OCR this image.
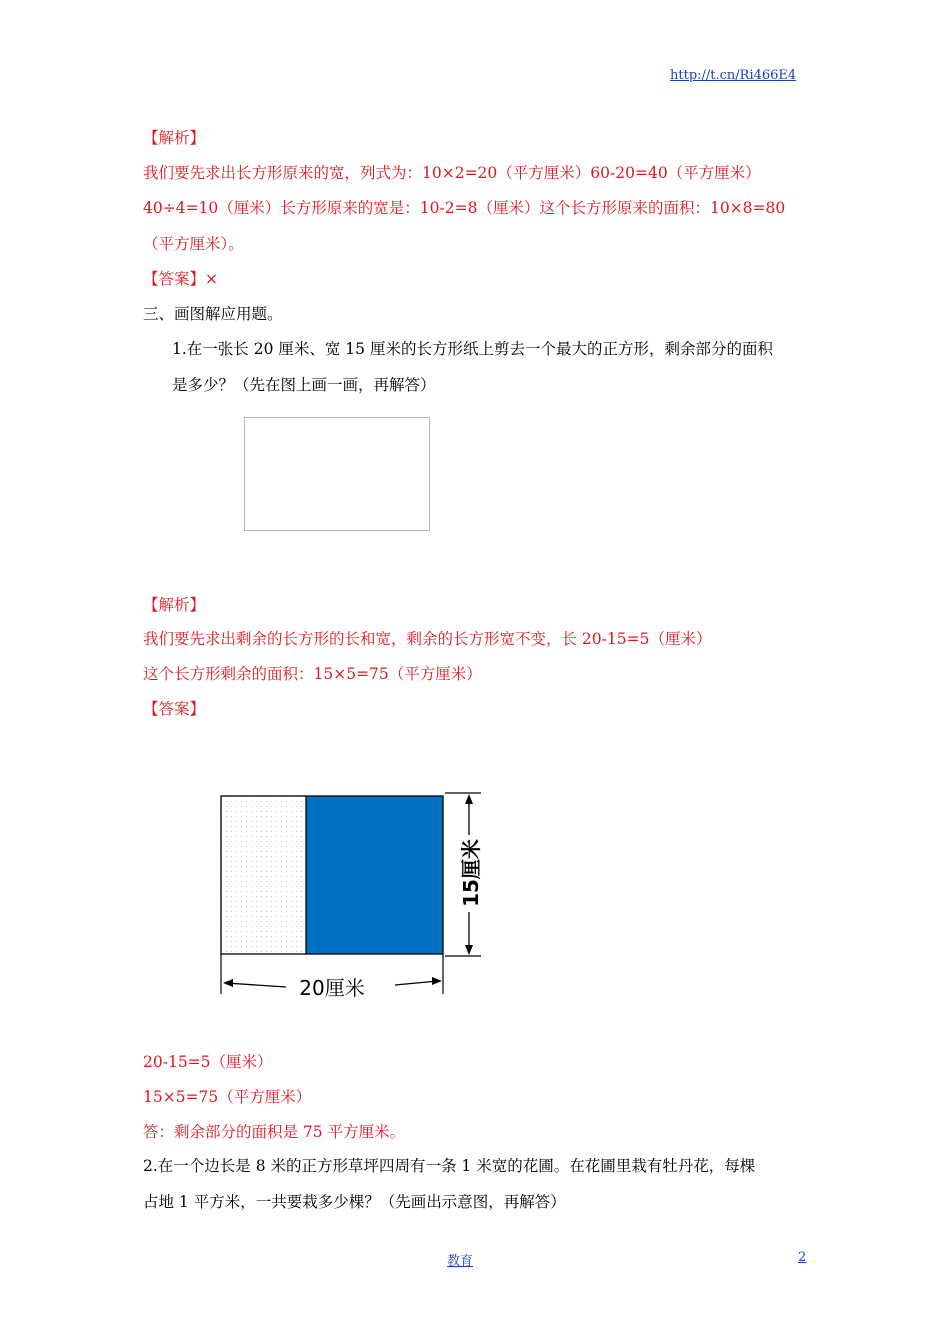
http://t.cn/Ri466E4
【解析】
我们要先求出长方形原来的宽，列式为：10×2=20（平方厘米）60-20=40（平方厘米）
40÷4=10（厘米）长方形原来的宽是：10-2=8（厘米）这个长方形原来的面积：10×8=80
（平方厘米）。
【答案】×
三、画图解应用题。
1.在一张长 20 厘米、宽 15 厘米的长方形纸上剪去一个最大的正方形，剩余部分的面积
是多少？（先在图上画一画，再解答）
【解析】
我们要先求出剩余的长方形的长和宽，剩余的长方形宽不变，长 20-15=5（厘米）
这个长方形剩余的面积：15×5=75（平方厘米）
【答案】
15厘米
20厘米
20-15=5（厘米）
15×5=75（平方厘米）
答：剩余部分的面积是 75 平方厘米。
2.在一个边长是 8 米的正方形草坪四周有一条 1 米宽的花圃。在花圃里栽有牡丹花，每棵
占地 1 平方米，一共要栽多少棵？（先画出示意图，再解答）
教育	2
